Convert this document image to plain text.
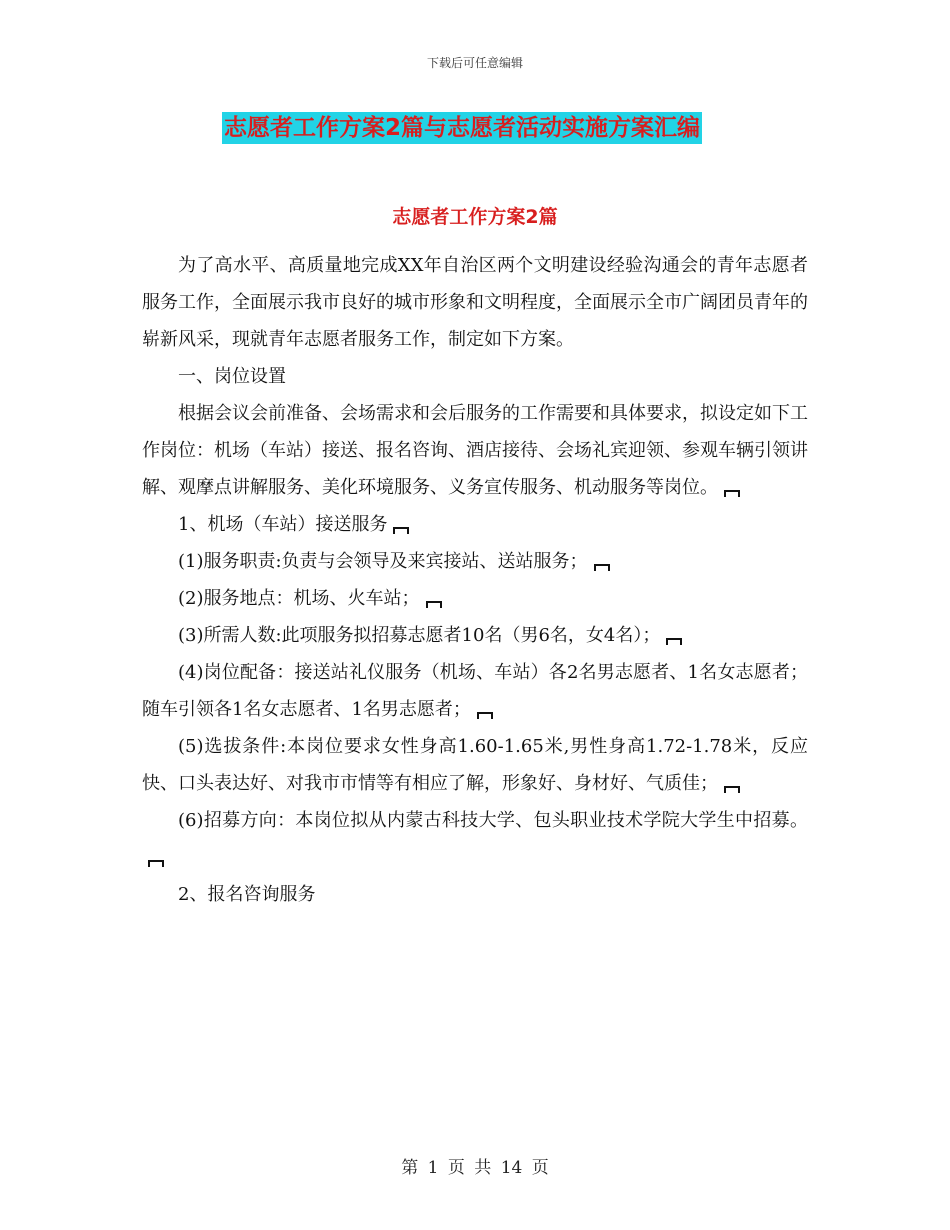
下载后可任意编辑
志愿者工作方案2篇与志愿者活动实施方案汇编
志愿者工作方案2篇

为了高水平、高质量地完成XX年自治区两个文明建设经验沟通会的青年志愿者服务工作，全面展示我市良好的城市形象和文明程度，全面展示全市广阔团员青年的崭新风采，现就青年志愿者服务工作，制定如下方案。

一、岗位设置

根据会议会前准备、会场需求和会后服务的工作需要和具体要求，拟设定如下工作岗位：机场（车站）接送、报名咨询、酒店接待、会场礼宾迎领、参观车辆引领讲解、观摩点讲解服务、美化环境服务、义务宣传服务、机动服务等岗位。

1、机场（车站）接送服务

(1)服务职责:负责与会领导及来宾接站、送站服务；

(2)服务地点：机场、火车站；

(3)所需人数:此项服务拟招募志愿者10名（男6名，女4名）；

(4)岗位配备：接送站礼仪服务（机场、车站）各2名男志愿者、1名女志愿者；随车引领各1名女志愿者、1名男志愿者；

(5)选拔条件:本岗位要求女性身高1.60-1.65米,男性身高1.72-1.78米，反应快、口头表达好、对我市市情等有相应了解，形象好、身材好、气质佳；

(6)招募方向：本岗位拟从内蒙古科技大学、包头职业技术学院大学生中招募。

2、报名咨询服务

第 1 页 共 14 页
